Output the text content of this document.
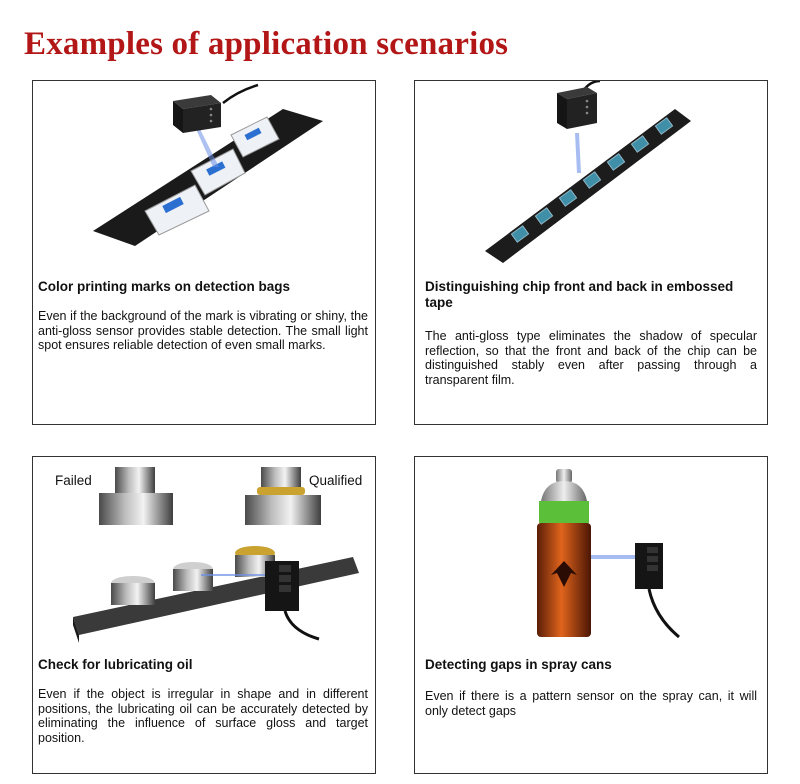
Examples of application scenarios
Color printing marks on detection bags
Even if the background of the mark is vibrating or shiny, the anti-gloss sensor provides stable detection. The small light spot ensures reliable detection of even small marks.
Distinguishing chip front and back in embossed tape
The anti-gloss type eliminates the shadow of specular reflection, so that the front and back of the chip can be distinguished stably even after passing through a transparent film.
Failed	Qualified
Check for lubricating oil
Even if the object is irregular in shape and in different positions, the lubricating oil can be accurately detected by eliminating the influence of surface gloss and target position.
Detecting gaps in spray cans
Even if there is a pattern sensor on the spray can, it will only detect gaps
